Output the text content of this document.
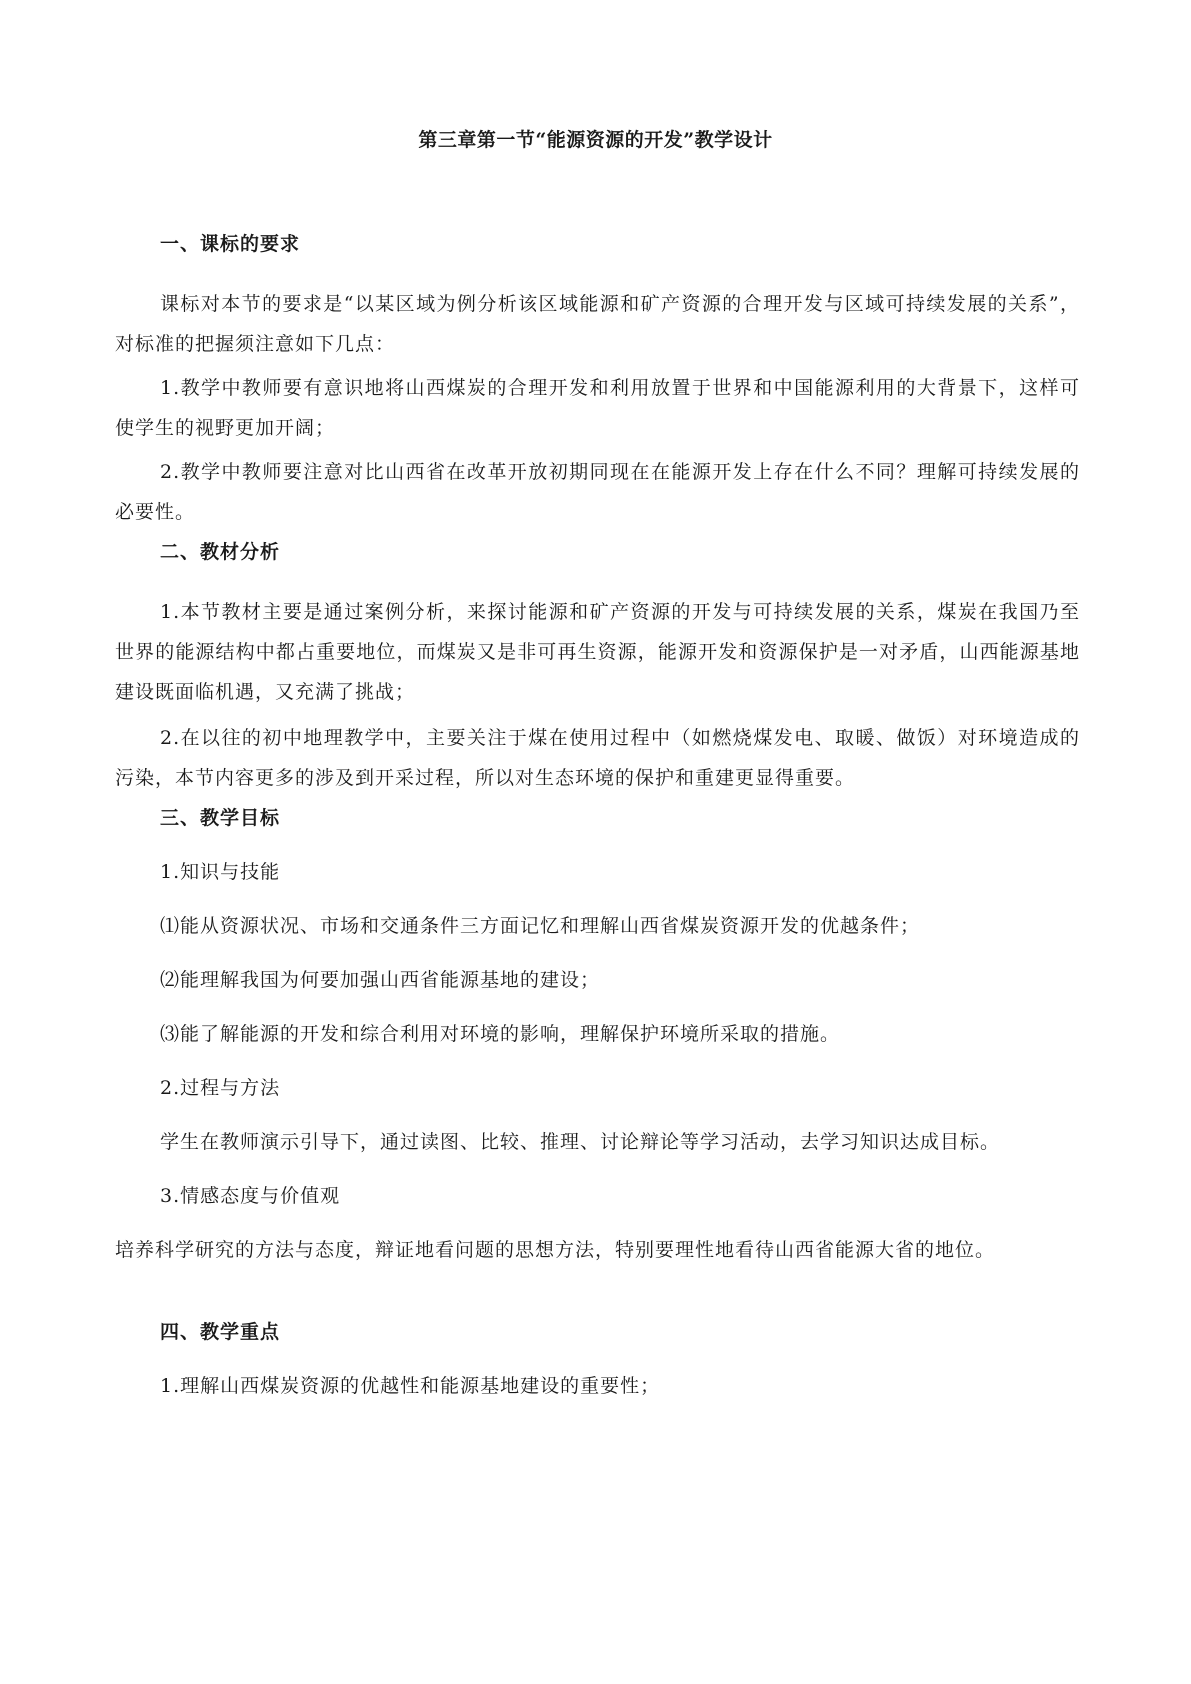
第三章第一节“能源资源的开发”教学设计

一、课标的要求

课标对本节的要求是“以某区域为例分析该区域能源和矿产资源的合理开发与区域可持续发展的关系”，对标准的把握须注意如下几点：

1.教学中教师要有意识地将山西煤炭的合理开发和利用放置于世界和中国能源利用的大背景下，这样可使学生的视野更加开阔；

2.教学中教师要注意对比山西省在改革开放初期同现在在能源开发上存在什么不同？理解可持续发展的必要性。

二、教材分析

1.本节教材主要是通过案例分析，来探讨能源和矿产资源的开发与可持续发展的关系，煤炭在我国乃至世界的能源结构中都占重要地位，而煤炭又是非可再生资源，能源开发和资源保护是一对矛盾，山西能源基地建设既面临机遇，又充满了挑战；

2.在以往的初中地理教学中，主要关注于煤在使用过程中（如燃烧煤发电、取暖、做饭）对环境造成的污染，本节内容更多的涉及到开采过程，所以对生态环境的保护和重建更显得重要。

三、教学目标

1.知识与技能

⑴能从资源状况、市场和交通条件三方面记忆和理解山西省煤炭资源开发的优越条件；

⑵能理解我国为何要加强山西省能源基地的建设；

⑶能了解能源的开发和综合利用对环境的影响，理解保护环境所采取的措施。

2.过程与方法

学生在教师演示引导下，通过读图、比较、推理、讨论辩论等学习活动，去学习知识达成目标。

3.情感态度与价值观

培养科学研究的方法与态度，辩证地看问题的思想方法，特别要理性地看待山西省能源大省的地位。

四、教学重点

1.理解山西煤炭资源的优越性和能源基地建设的重要性；
